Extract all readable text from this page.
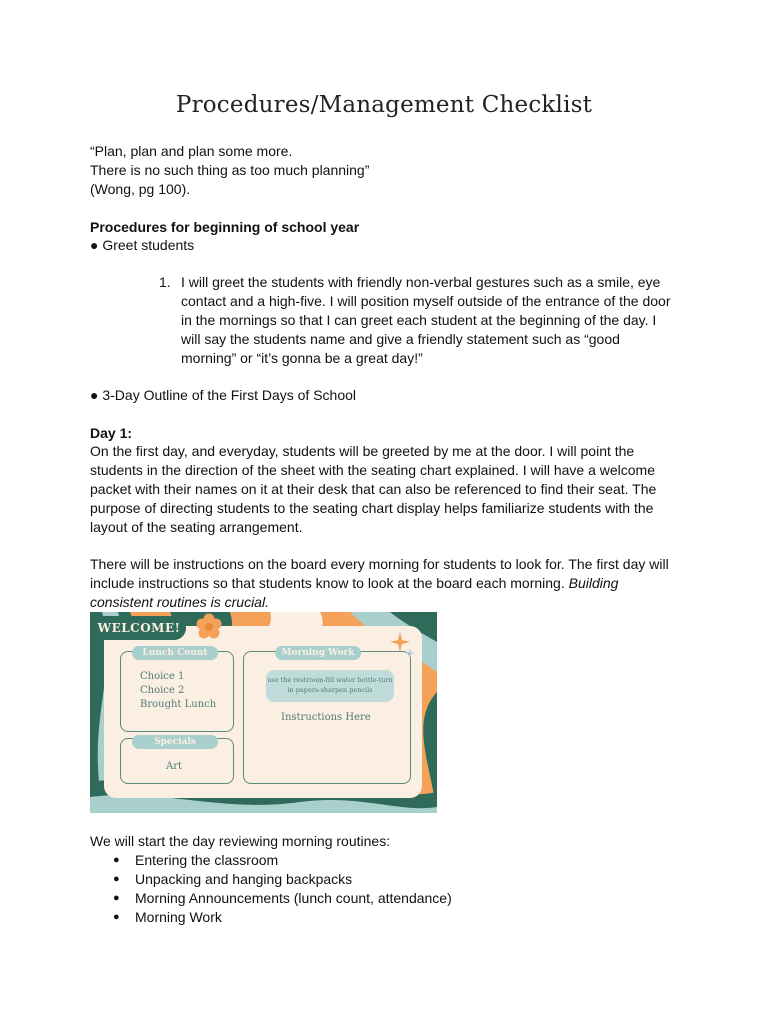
Procedures/Management Checklist
“Plan, plan and plan some more.
There is no such thing as too much planning”
(Wong, pg 100).
Procedures for beginning of school year
● Greet students
1. I will greet the students with friendly non-verbal gestures such as a smile, eye contact and a high-five. I will position myself outside of the entrance of the door in the mornings so that I can greet each student at the beginning of the day. I will say the students name and give a friendly statement such as “good morning” or “it’s gonna be a great day!”
● 3-Day Outline of the First Days of School
Day 1:
On the first day, and everyday, students will be greeted by me at the door. I will point the students in the direction of the sheet with the seating chart explained. I will have a welcome packet with their names on it at their desk that can also be referenced to find their seat. The purpose of directing students to the seating chart display helps familiarize students with the layout of the seating arrangement.
There will be instructions on the board every morning for students to look for. The first day will include instructions so that students know to look at the board each morning. Building consistent routines is crucial.
Lunch Count
Choice 1
Choice 2
Brought Lunch
Specials
Art
Morning Work
use the restroom-fill water bottle-turn in papers-sharpen pencils
Instructions Here
WELCOME!
We will start the day reviewing morning routines:
● Entering the classroom
● Unpacking and hanging backpacks
● Morning Announcements (lunch count, attendance)
● Morning Work
